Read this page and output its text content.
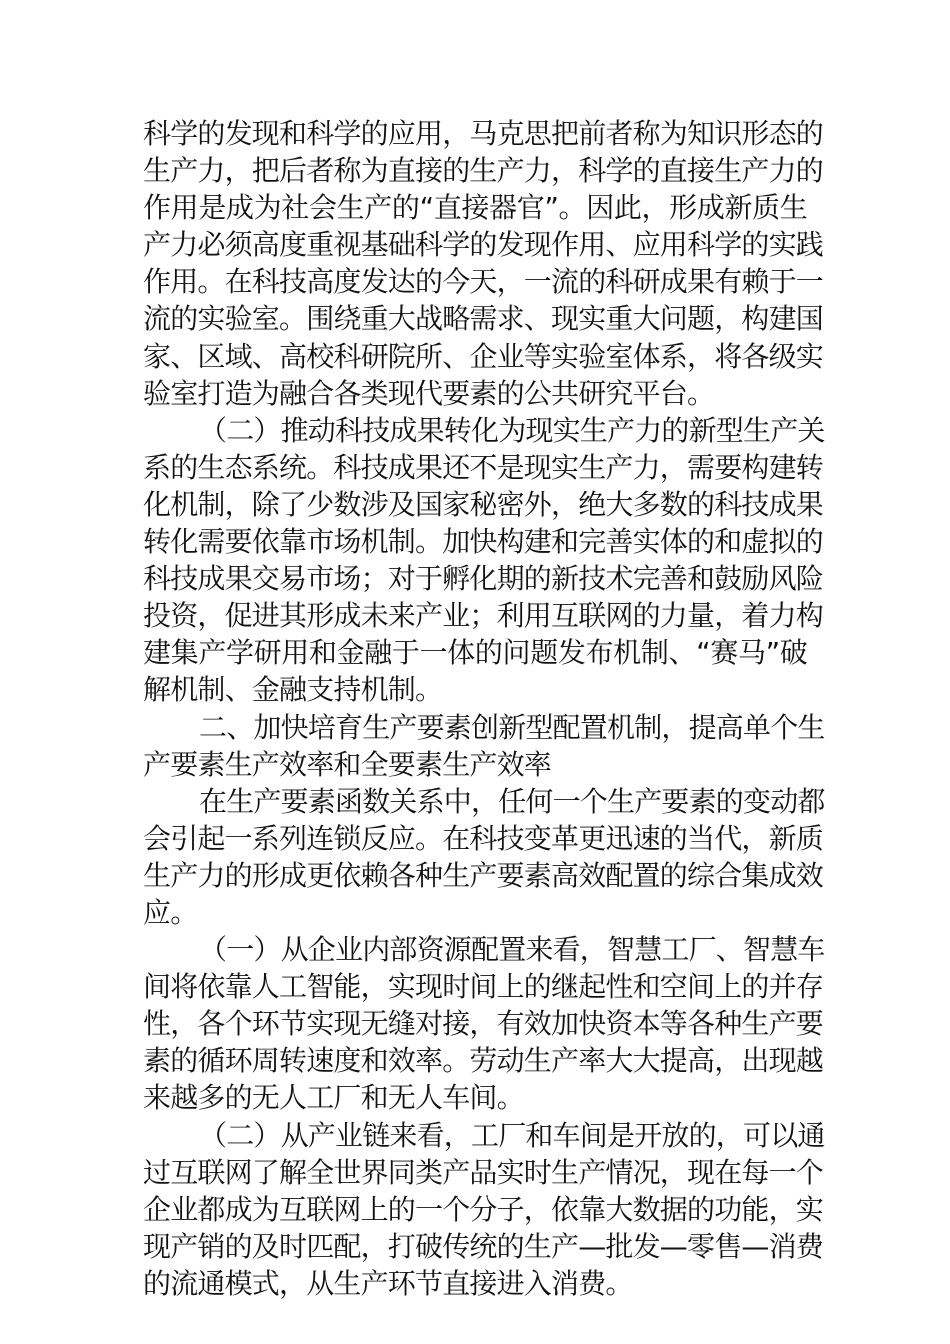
科学的发现和科学的应用，马克思把前者称为知识形态的
生产力，把后者称为直接的生产力，科学的直接生产力的
作用是成为社会生产的“直接器官”。因此，形成新质生
产力必须高度重视基础科学的发现作用、应用科学的实践
作用。在科技高度发达的今天，一流的科研成果有赖于一
流的实验室。围绕重大战略需求、现实重大问题，构建国
家、区域、高校科研院所、企业等实验室体系，将各级实
验室打造为融合各类现代要素的公共研究平台。

（二）推动科技成果转化为现实生产力的新型生产关
系的生态系统。科技成果还不是现实生产力，需要构建转
化机制，除了少数涉及国家秘密外，绝大多数的科技成果
转化需要依靠市场机制。加快构建和完善实体的和虚拟的
科技成果交易市场；对于孵化期的新技术完善和鼓励风险
投资，促进其形成未来产业；利用互联网的力量，着力构
建集产学研用和金融于一体的问题发布机制、“赛马”破
解机制、金融支持机制。

二、加快培育生产要素创新型配置机制，提高单个生
产要素生产效率和全要素生产效率

在生产要素函数关系中，任何一个生产要素的变动都
会引起一系列连锁反应。在科技变革更迅速的当代，新质
生产力的形成更依赖各种生产要素高效配置的综合集成效
应。

（一）从企业内部资源配置来看，智慧工厂、智慧车
间将依靠人工智能，实现时间上的继起性和空间上的并存
性，各个环节实现无缝对接，有效加快资本等各种生产要
素的循环周转速度和效率。劳动生产率大大提高，出现越
来越多的无人工厂和无人车间。

（二）从产业链来看，工厂和车间是开放的，可以通
过互联网了解全世界同类产品实时生产情况，现在每一个
企业都成为互联网上的一个分子，依靠大数据的功能，实
现产销的及时匹配，打破传统的生产—批发—零售—消费
的流通模式，从生产环节直接进入消费。
